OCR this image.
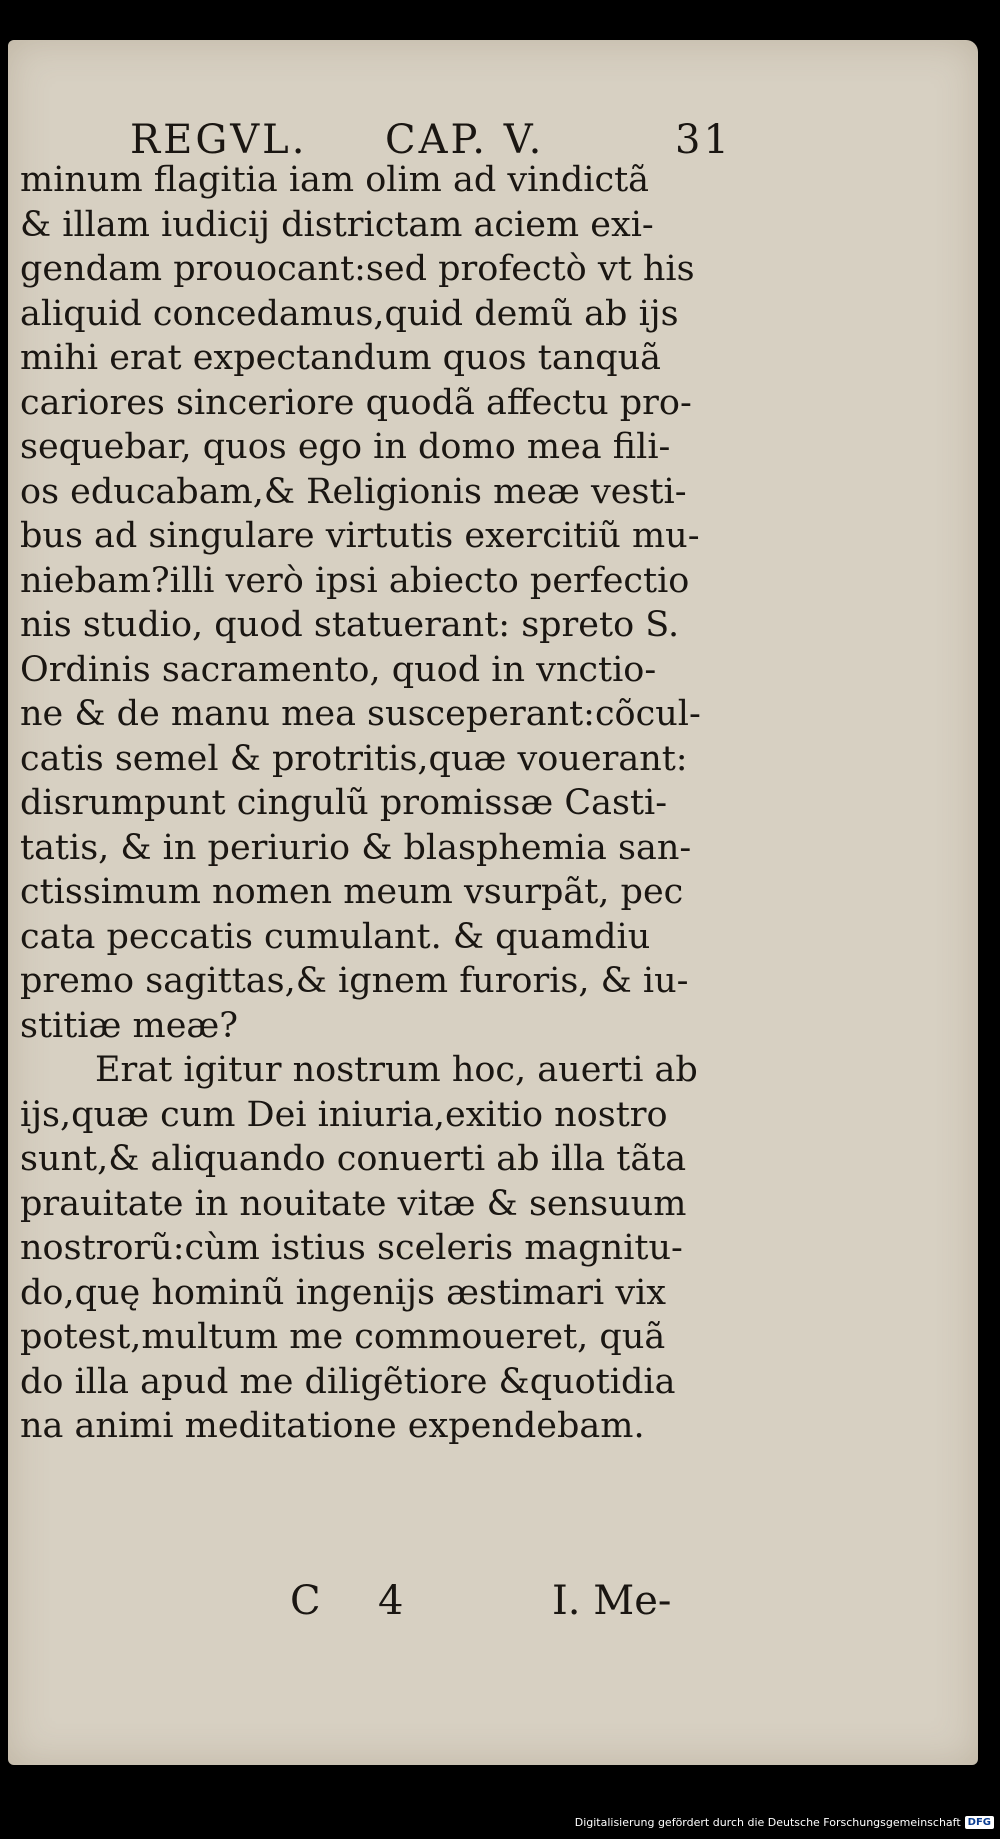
REGVL. CAP. V.	31
minum flagitia iam olim ad vindictã
& illam iudicij districtam aciem exi-
gendam prouocant:sed profectò vt his
aliquid concedamus,quid demũ ab ijs
mihi erat expectandum quos tanquã
cariores sinceriore quodã affectu pro-
sequebar, quos ego in domo mea fili-
os educabam,& Religionis meæ vesti-
bus ad singulare virtutis exercitiũ mu-
niebam?illi verò ipsi abiecto perfectio
nis studio, quod statuerant: spreto S.
Ordinis sacramento, quod in vnctio-
ne & de manu mea susceperant:cõcul-
catis semel & protritis,quæ vouerant:
disrumpunt cingulũ promissæ Casti-
tatis, & in periurio & blasphemia san-
ctissimum nomen meum vsurpãt, pec
cata peccatis cumulant. & quamdiu
premo sagittas,& ignem furoris, & iu-
stitiæ meæ?
Erat igitur nostrum hoc, auerti ab
ijs,quæ cum Dei iniuria,exitio nostro
sunt,& aliquando conuerti ab illa tãta
prauitate in nouitate vitæ & sensuum
nostrorũ:cùm istius sceleris magnitu-
do,quę hominũ ingenijs æstimari vix
potest,multum me commoueret, quã
do illa apud me diligẽtiore &quotidia
na animi meditatione expendebam.
C 4	I. Me-
Digitalisierung gefördert durch die Deutsche Forschungsgemeinschaft DFG
